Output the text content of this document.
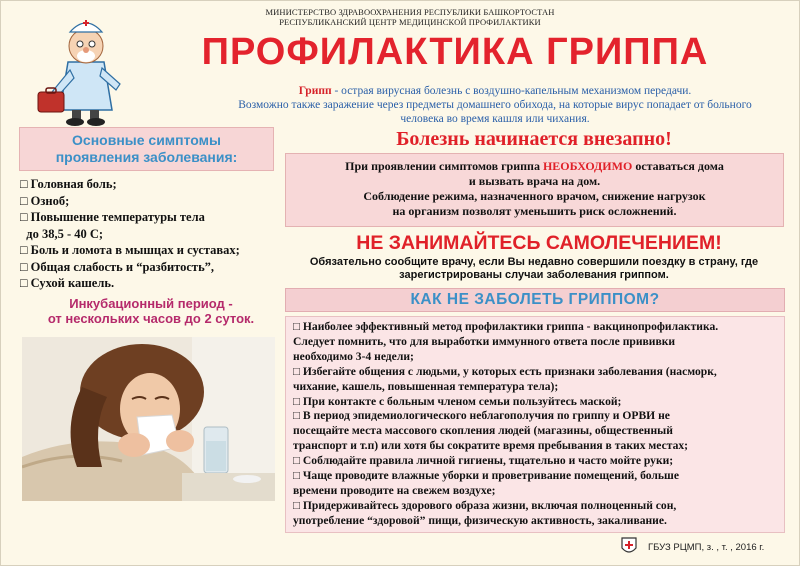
МИНИСТЕРСТВО ЗДРАВООХРАНЕНИЯ РЕСПУБЛИКИ БАШКОРТОСТАН
РЕСПУБЛИКАНСКИЙ ЦЕНТР МЕДИЦИНСКОЙ ПРОФИЛАКТИКИ
ПРОФИЛАКТИКА ГРИППА
Грипп - острая вирусная болезнь с воздушно-капельным механизмом передачи.
Возможно также заражение через предметы домашнего обихода, на которые вирус попадает от больного
человека во время кашля или чихания.
Основные симптомы
проявления заболевания:
□ Головная боль;
□ Озноб;
□ Повышение температуры тела
до 38,5 - 40 С;
□ Боль и ломота в мышцах и суставах;
□ Общая слабость и “разбитость”,
□ Сухой кашель.
Инкубационный период -
от нескольких часов до 2 суток.
Болезнь начинается внезапно!
При проявлении симптомов гриппа НЕОБХОДИМО оставаться дома
и вызвать врача на дом.
Соблюдение режима, назначенного врачом, снижение нагрузок
на организм позволят уменьшить риск осложнений.
НЕ ЗАНИМАЙТЕСЬ САМОЛЕЧЕНИЕМ!
Обязательно сообщите врачу, если Вы недавно совершили поездку в страну, где
зарегистрированы случаи заболевания гриппом.
КАК НЕ ЗАБОЛЕТЬ ГРИППОМ?
□ Наиболее эффективный метод профилактики гриппа - вакцинопрофилактика.
Следует помнить, что для выработки иммунного ответа после прививки
необходимо 3-4 недели;
□ Избегайте общения с людьми, у которых есть признаки заболевания (насморк,
чихание, кашель, повышенная температура тела);
□ При контакте с больным членом семьи пользуйтесь маской;
□ В период эпидемиологического неблагополучия по гриппу и ОРВИ не
посещайте места массового скопления людей (магазины, общественный
транспорт и т.п) или хотя бы сократите время пребывания в таких местах;
□ Соблюдайте правила личной гигиены, тщательно и часто мойте руки;
□ Чаще проводите влажные уборки и проветривание помещений, больше
времени проводите на свежем воздухе;
□ Придерживайтесь здорового образа жизни, включая полноценный сон,
употребление “здоровой” пищи, физическую активность, закаливание.
ГБУЗ РЦМП, з. , т. , 2016 г.
